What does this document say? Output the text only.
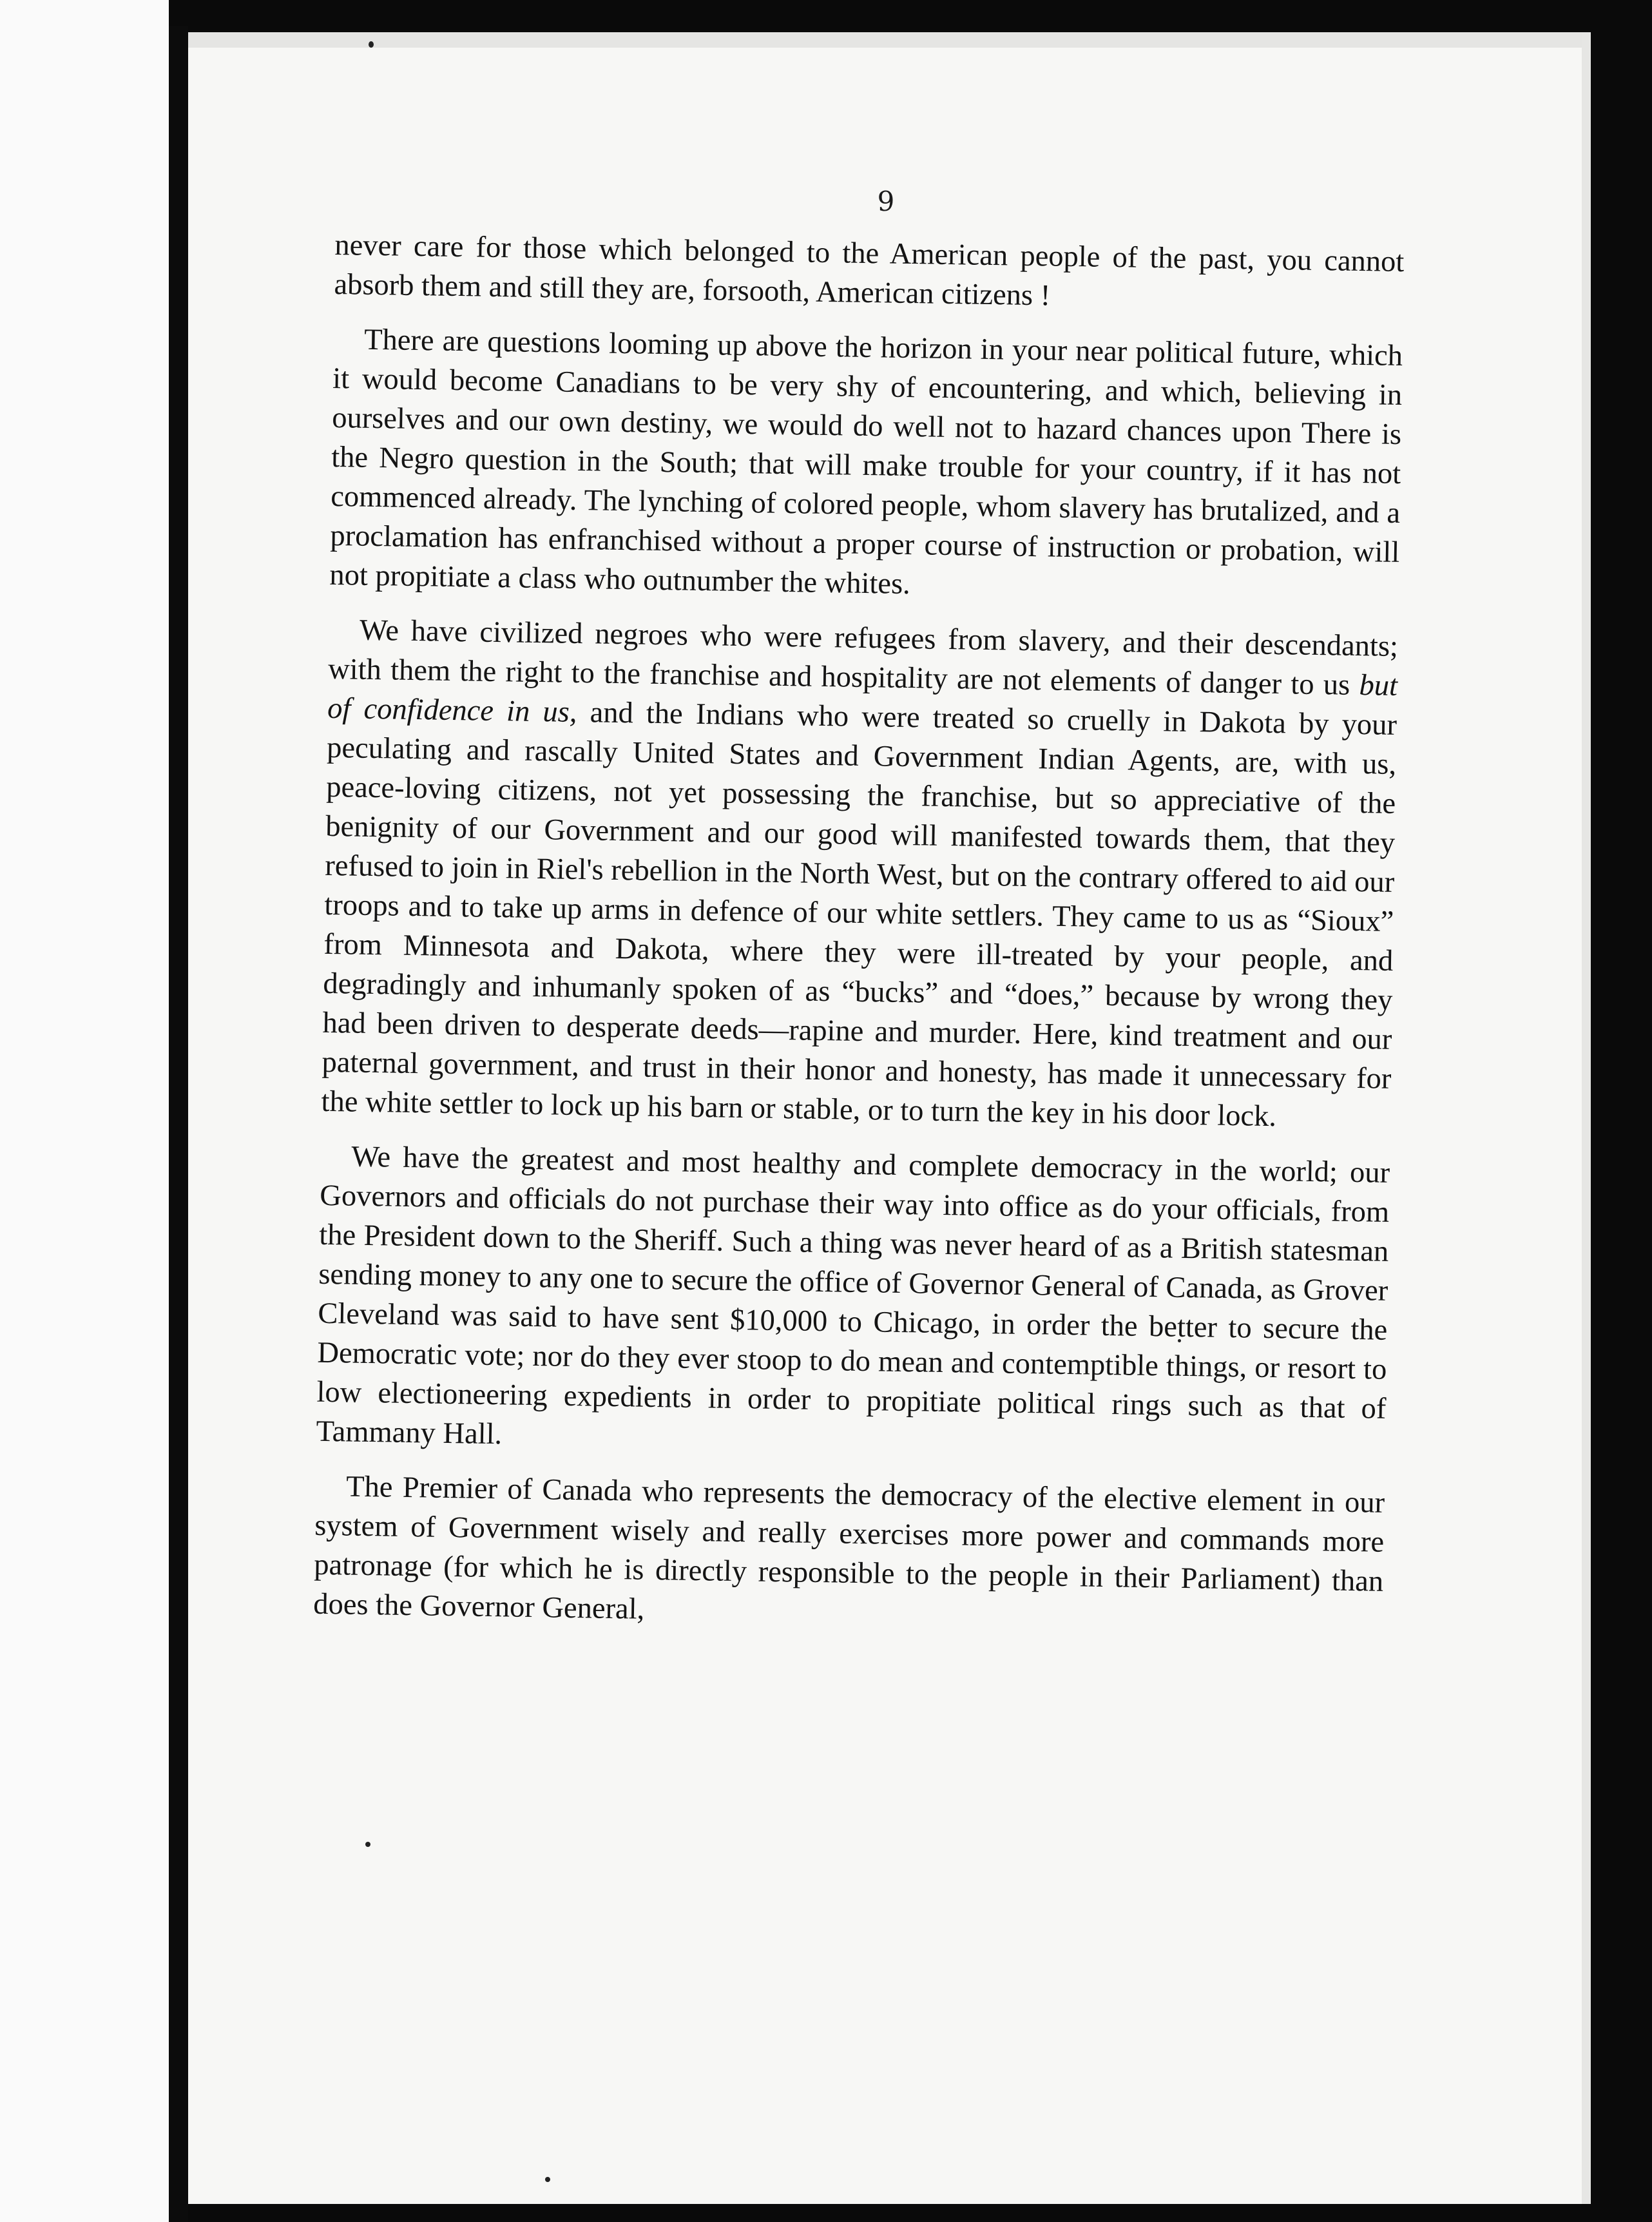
9

never care for those which belonged to the American people of the past, you cannot absorb them and still they are, forsooth, American citizens !

There are questions looming up above the horizon in your near political future, which it would become Canadians to be very shy of encountering, and which, believing in ourselves and our own destiny, we would do well not to hazard chances upon There is the Negro question in the South; that will make trouble for your country, if it has not commenced already. The lynching of colored people, whom slavery has brutalized, and a proclamation has enfranchised without a proper course of instruction or probation, will not propitiate a class who outnumber the whites.

We have civilized negroes who were refugees from slavery, and their descendants; with them the right to the franchise and hospitality are not elements of danger to us but of confidence in us, and the Indians who were treated so cruelly in Dakota by your peculating and rascally United States and Government Indian Agents, are, with us, peace-loving citizens, not yet possessing the franchise, but so appreciative of the benignity of our Government and our good will manifested towards them, that they refused to join in Riel's rebellion in the North West, but on the contrary offered to aid our troops and to take up arms in defence of our white settlers. They came to us as “Sioux” from Minnesota and Dakota, where they were ill-treated by your people, and degradingly and inhumanly spoken of as “bucks” and “does,” because by wrong they had been driven to desperate deeds—rapine and murder. Here, kind treatment and our paternal government, and trust in their honor and honesty, has made it unnecessary for the white settler to lock up his barn or stable, or to turn the key in his door lock.

We have the greatest and most healthy and complete democracy in the world; our Governors and officials do not purchase their way into office as do your officials, from the President down to the Sheriff. Such a thing was never heard of as a British statesman sending money to any one to secure the office of Governor General of Canada, as Grover Cleveland was said to have sent $10,000 to Chicago, in order the better to secure the Democratic vote; nor do they ever stoop to do mean and contemptible things, or resort to low electioneering expedients in order to propitiate political rings such as that of Tammany Hall.

The Premier of Canada who represents the democracy of the elective element in our system of Government wisely and really exercises more power and commands more patronage (for which he is directly responsible to the people in their Parliament) than does the Governor General,
